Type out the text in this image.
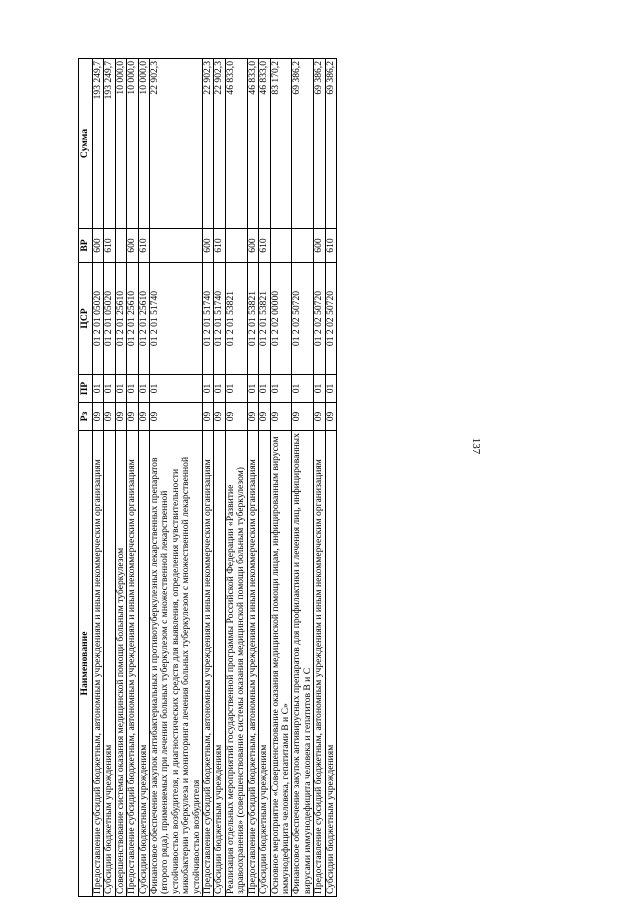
137
Наименование	Рз	ПР	ЦСР	ВР	Сумма
Предоставление субсидий бюджетным, автономным учреждениям и иным некоммерческим организациям	09	01	01 2 01 05020	600	193 249,7
Субсидии бюджетным учреждениям	09	01	01 2 01 05020	610	193 249,7
Совершенствование системы оказания медицинской помощи больным туберкулезом	09	01	01 2 01 25610		10 000,0
Предоставление субсидий бюджетным, автономным учреждениям и иным некоммерческим организациям	09	01	01 2 01 25610	600	10 000,0
Субсидии бюджетным учреждениям	09	01	01 2 01 25610	610	10 000,0
Финансовое обеспечение закупок антибактериальных и противотуберкулезных лекарственных препаратов (второго ряда), применяемых при лечении больных туберкулезом с множественной лекарственной устойчивостью возбудителя, и диагностических средств для выявления, определения чувствительности микобактерии туберкулеза и мониторинга лечения больных туберкулезом с множественной лекарственной устойчивостью возбудителя	09	01	01 2 01 51740		22 902,3
Предоставление субсидий бюджетным, автономным учреждениям и иным некоммерческим организациям	09	01	01 2 01 51740	600	22 902,3
Субсидии бюджетным учреждениям	09	01	01 2 01 51740	610	22 902,3
Реализация отдельных мероприятий государственной программы Российской Федерации «Развитие здравоохранения» (совершенствование системы оказания медицинской помощи больным туберкулезом)	09	01	01 2 01 53821		46 833,0
Предоставление субсидий бюджетным, автономным учреждениям и иным некоммерческим организациям	09	01	01 2 01 53821	600	46 833,0
Субсидии бюджетным учреждениям	09	01	01 2 01 53821	610	46 833,0
Основное мероприятие «Совершенствование оказания медицинской помощи лицам, инфицированным вирусом иммунодефицита человека, гепатитами В и С»	09	01	01 2 02 00000		83 170,2
Финансовое обеспечение закупок антивирусных препаратов для профилактики и лечения лиц, инфицированных вирусами иммунодефицита человека и гепатитов В и С	09	01	01 2 02 50720		69 386,2
Предоставление субсидий бюджетным, автономным учреждениям и иным некоммерческим организациям	09	01	01 2 02 50720	600	69 386,2
Субсидии бюджетным учреждениям	09	01	01 2 02 50720	610	69 386,2
